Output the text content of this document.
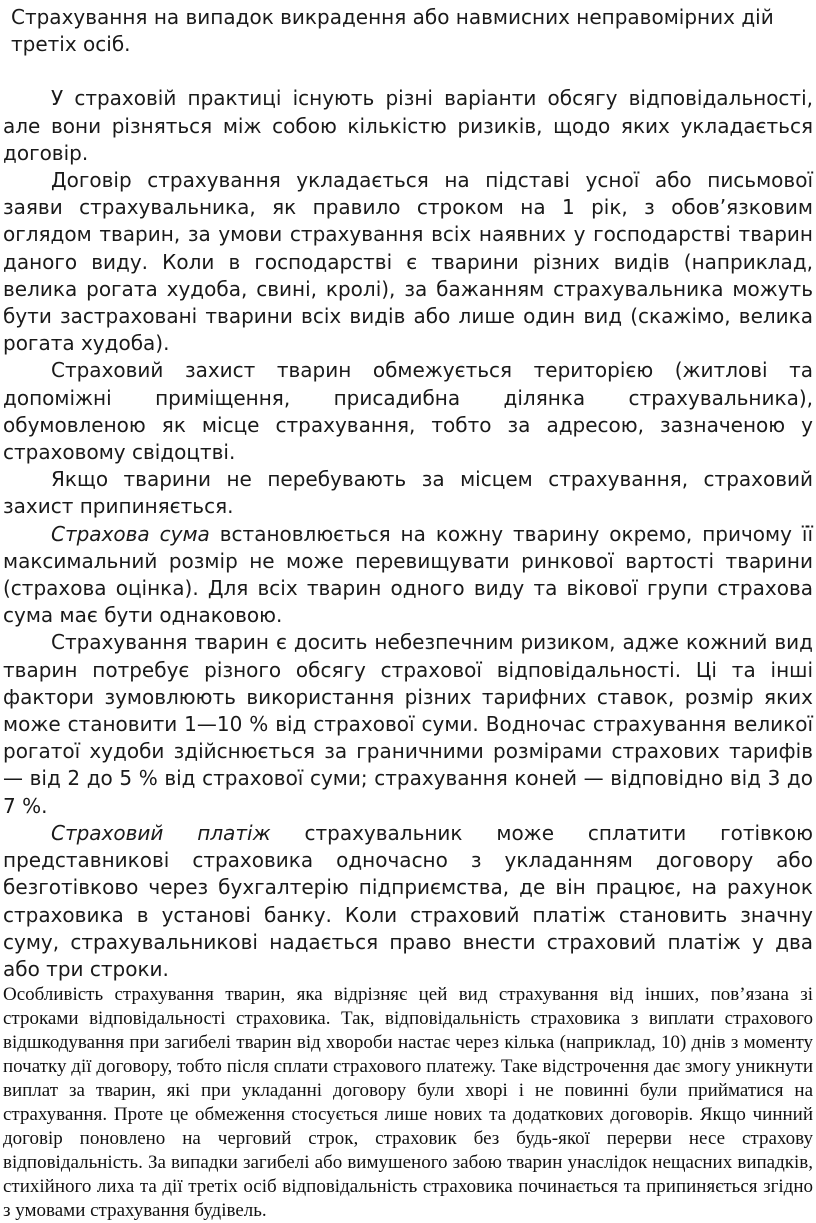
Страхування на випадок викрадення або навмисних неправомірних дій третіх осіб.

У страховій практиці існують різні варіанти обсягу відповідальності, але вони різняться між собою кількістю ризиків, щодо яких укладається договір.

Договір страхування укладається на підставі усної або письмової заяви страхувальника, як правило строком на 1 рік, з обов’язковим оглядом тварин, за умови страхування всіх наявних у господарстві тварин даного виду. Коли в господарстві є тварини різних видів (наприклад, велика рогата худоба, свині, кролі), за бажанням страхувальника можуть бути застраховані тварини всіх видів або лише один вид (скажімо, велика рогата худоба).

Страховий захист тварин обмежується територією (житлові та допоміжні приміщення, присадибна ділянка страхувальника), обумовленою як місце страхування, тобто за адресою, зазначеною у страховому свідоцтві.

Якщо тварини не перебувають за місцем страхування, страховий захист припиняється.

Страхова сума встановлюється на кожну тварину окремо, причому її максимальний розмір не може перевищувати ринкової вартості тварини (страхова оцінка). Для всіх тварин одного виду та вікової групи страхова сума має бути однаковою.

Страхування тварин є досить небезпечним ризиком, адже кожний вид тварин потребує різного обсягу страхової відповідальності. Ці та інші фактори зумовлюють використання різних тарифних ставок, розмір яких може становити 1—10 % від страхової суми. Водночас страхування великої рогатої худоби здійснюється за граничними розмірами страхових тарифів — від 2 до 5 % від страхової суми; страхування коней — відповідно від 3 до 7 %.

Страховий платіж страхувальник може сплатити готівкою представникові страховика одночасно з укладанням договору або безготівково через бухгалтерію підприємства, де він працює, на рахунок страховика в установі банку. Коли страховий платіж становить значну суму, страхувальникові надається право внести страховий платіж у два або три строки.

Особливість страхування тварин, яка відрізняє цей вид страхування від інших, пов’язана зі строками відповідальності страховика. Так, відповідальність страховика з виплати страхового відшкодування при загибелі тварин від хвороби настає через кілька (наприклад, 10) днів з моменту початку дії договору, тобто після сплати страхового платежу. Таке відстрочення дає змогу уникнути виплат за тварин, які при укладанні договору були хворі і не повинні були прийматися на страхування. Проте це обмеження стосується лише нових та додаткових договорів. Якщо чинний договір поновлено на черговий строк, страховик без будь-якої перерви несе страхову відповідальність. За випадки загибелі або вимушеного забою тварин унаслідок нещасних випадків, стихійного лиха та дії третіх осіб відповідальність страховика починається та припиняється згідно з умовами страхування будівель.
